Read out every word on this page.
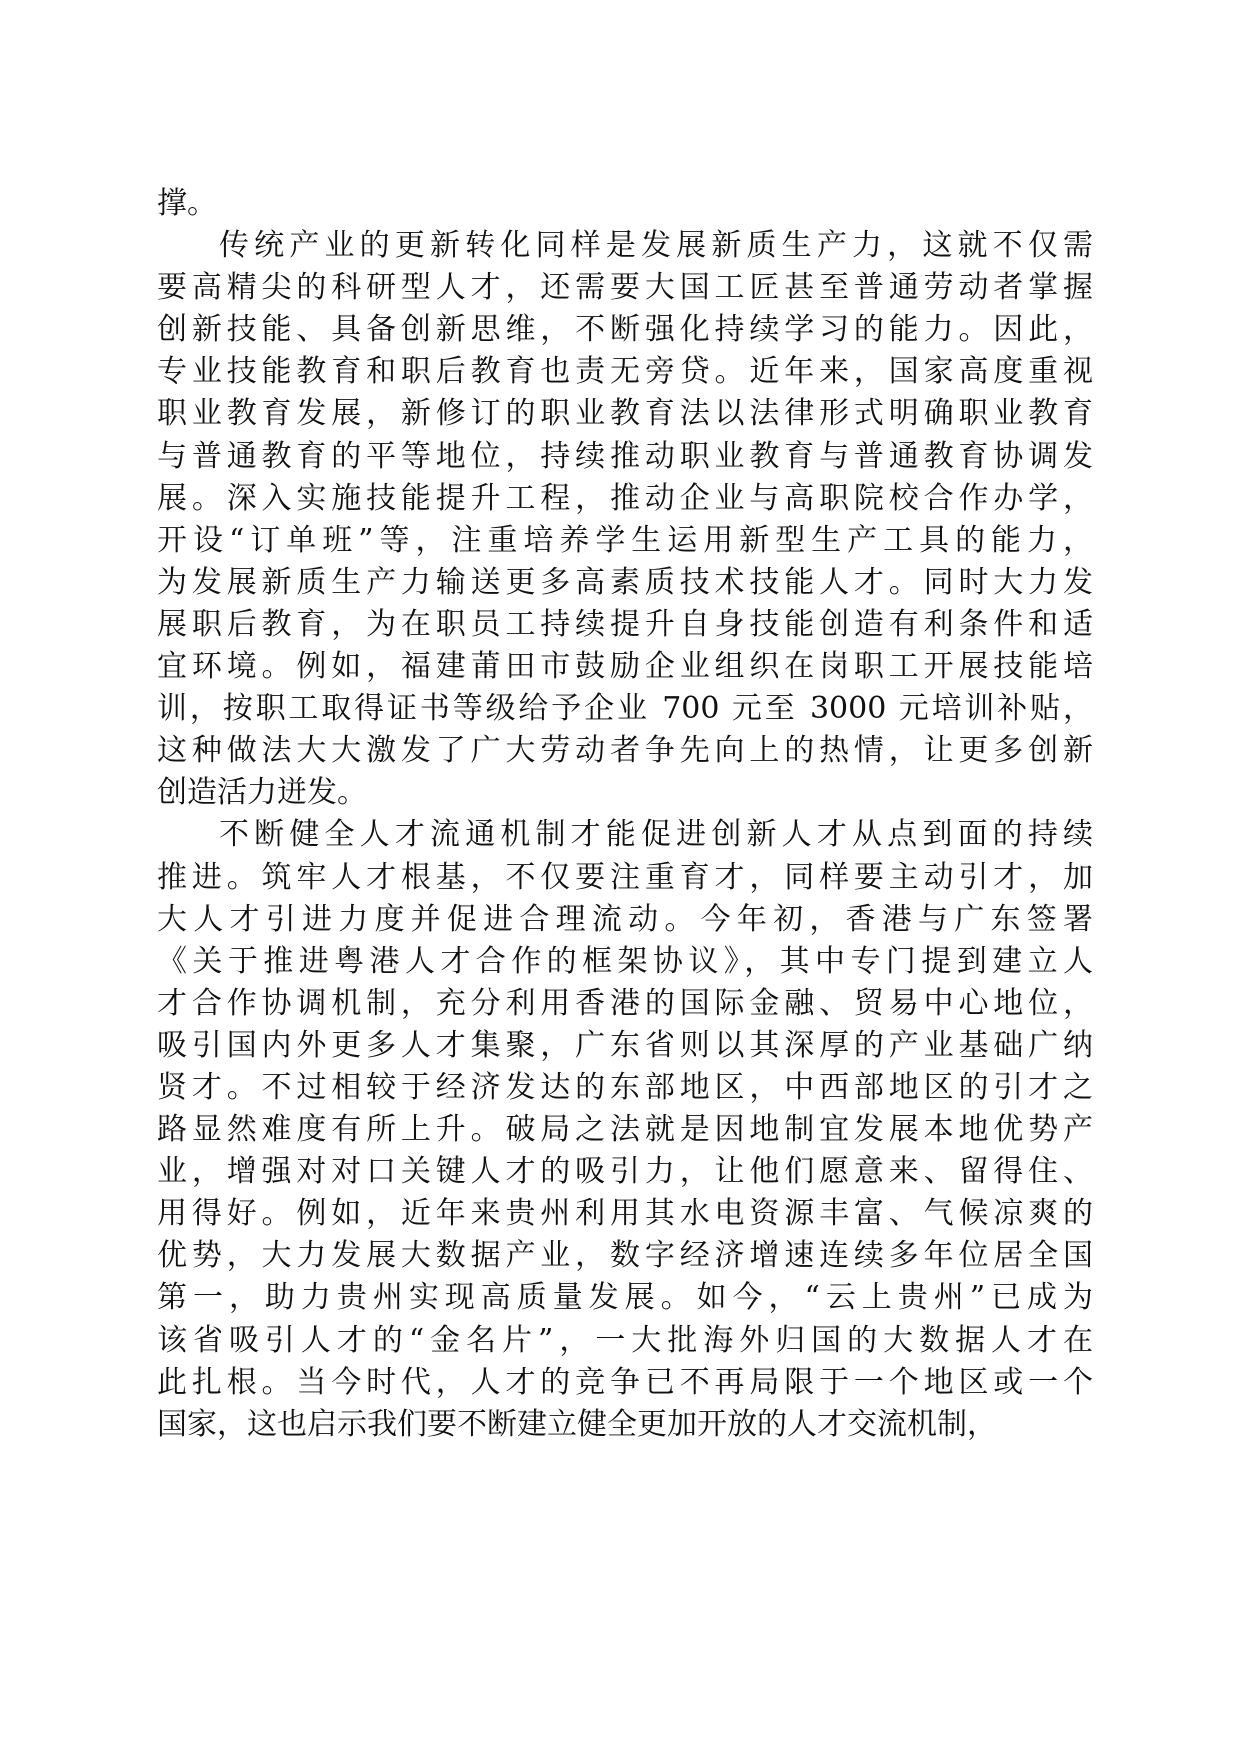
撑。
传统产业的更新转化同样是发展新质生产力，这就不仅需
要高精尖的科研型人才，还需要大国工匠甚至普通劳动者掌握
创新技能、具备创新思维，不断强化持续学习的能力。因此，
专业技能教育和职后教育也责无旁贷。近年来，国家高度重视
职业教育发展，新修订的职业教育法以法律形式明确职业教育
与普通教育的平等地位，持续推动职业教育与普通教育协调发
展。深入实施技能提升工程，推动企业与高职院校合作办学，
开设“订单班”等，注重培养学生运用新型生产工具的能力，
为发展新质生产力输送更多高素质技术技能人才。同时大力发
展职后教育，为在职员工持续提升自身技能创造有利条件和适
宜环境。例如，福建莆田市鼓励企业组织在岗职工开展技能培
训，按职工取得证书等级给予企业 700 元至 3000 元培训补贴，
这种做法大大激发了广大劳动者争先向上的热情，让更多创新
创造活力迸发。
不断健全人才流通机制才能促进创新人才从点到面的持续
推进。筑牢人才根基，不仅要注重育才，同样要主动引才，加
大人才引进力度并促进合理流动。今年初，香港与广东签署
《关于推进粤港人才合作的框架协议》，其中专门提到建立人
才合作协调机制，充分利用香港的国际金融、贸易中心地位，
吸引国内外更多人才集聚，广东省则以其深厚的产业基础广纳
贤才。不过相较于经济发达的东部地区，中西部地区的引才之
路显然难度有所上升。破局之法就是因地制宜发展本地优势产
业，增强对对口关键人才的吸引力，让他们愿意来、留得住、
用得好。例如，近年来贵州利用其水电资源丰富、气候凉爽的
优势，大力发展大数据产业，数字经济增速连续多年位居全国
第一，助力贵州实现高质量发展。如今，“云上贵州”已成为
该省吸引人才的“金名片”，一大批海外归国的大数据人才在
此扎根。当今时代，人才的竞争已不再局限于一个地区或一个
国家，这也启示我们要不断建立健全更加开放的人才交流机制，
